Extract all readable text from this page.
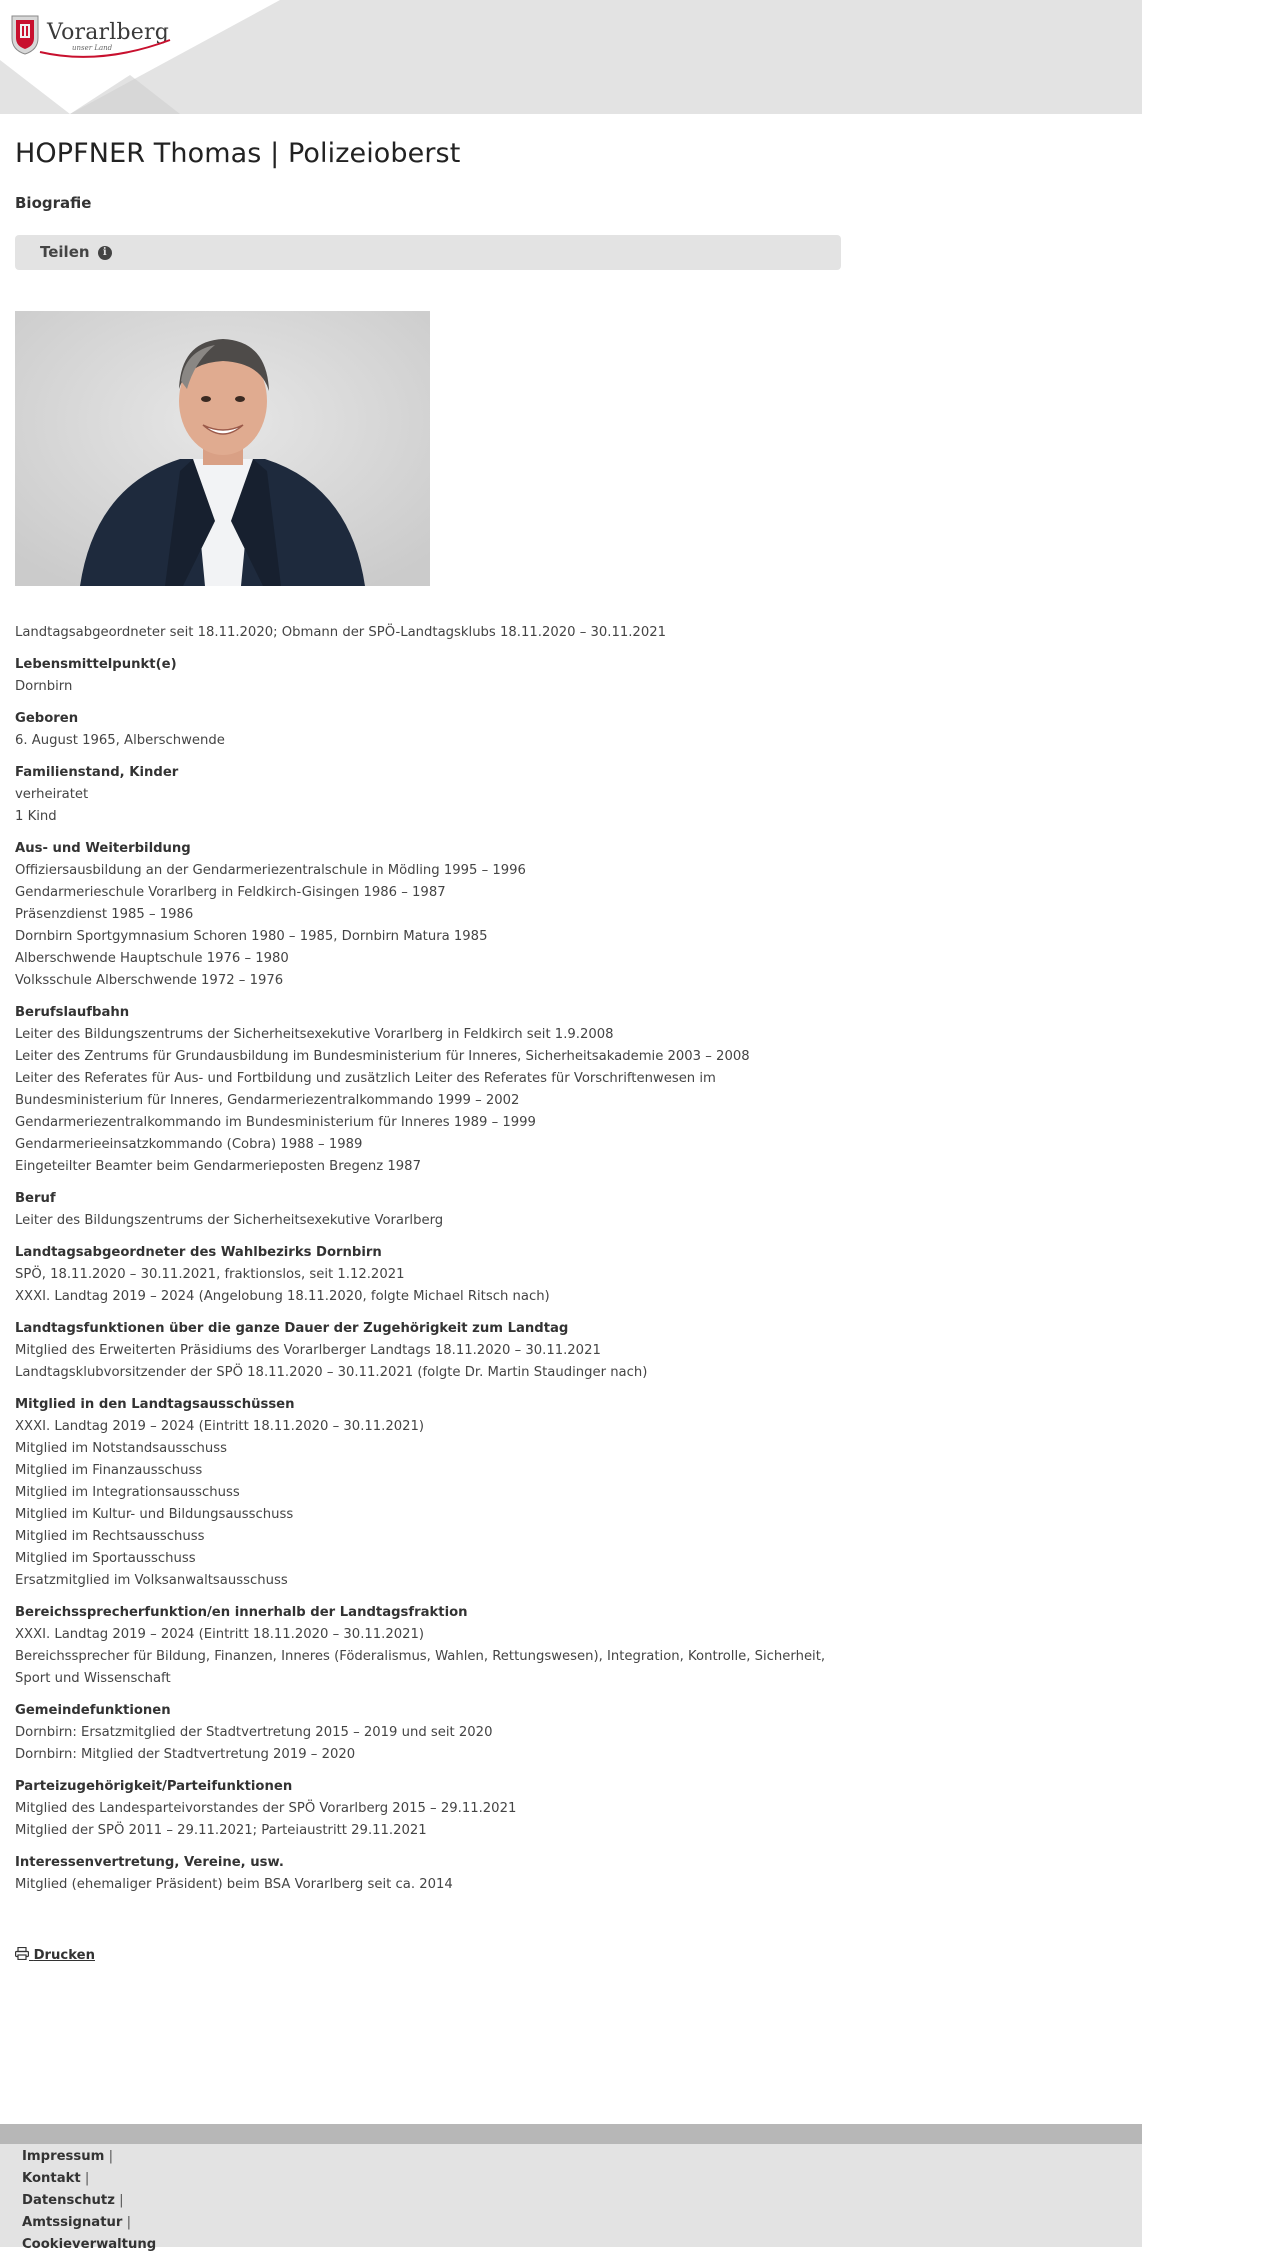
Vorarlberg
unser Land
HOPFNER Thomas | Polizeioberst
Biografie
Teilen i

Landtagsabgeordneter seit 18.11.2020; Obmann der SPÖ-Landtagsklubs 18.11.2020 – 30.11.2021

Lebensmittelpunkt(e)
Dornbirn
Geboren
6. August 1965, Alberschwende
Familienstand, Kinder
verheiratet
1 Kind
Aus- und Weiterbildung
Offiziersausbildung an der Gendarmeriezentralschule in Mödling 1995 – 1996
Gendarmerieschule Vorarlberg in Feldkirch-Gisingen 1986 – 1987
Präsenzdienst 1985 – 1986
Dornbirn Sportgymnasium Schoren 1980 – 1985, Dornbirn Matura 1985
Alberschwende Hauptschule 1976 – 1980
Volksschule Alberschwende 1972 – 1976
Berufslaufbahn
Leiter des Bildungszentrums der Sicherheitsexekutive Vorarlberg in Feldkirch seit 1.9.2008
Leiter des Zentrums für Grundausbildung im Bundesministerium für Inneres, Sicherheitsakademie 2003 – 2008
Leiter des Referates für Aus- und Fortbildung und zusätzlich Leiter des Referates für Vorschriftenwesen im Bundesministerium für Inneres, Gendarmeriezentralkommando 1999 – 2002
Gendarmeriezentralkommando im Bundesministerium für Inneres 1989 – 1999
Gendarmerieeinsatzkommando (Cobra) 1988 – 1989
Eingeteilter Beamter beim Gendarmerieposten Bregenz 1987
Beruf
Leiter des Bildungszentrums der Sicherheitsexekutive Vorarlberg
Landtagsabgeordneter des Wahlbezirks Dornbirn
SPÖ, 18.11.2020 – 30.11.2021, fraktionslos, seit 1.12.2021
XXXI. Landtag 2019 – 2024 (Angelobung 18.11.2020, folgte Michael Ritsch nach)
Landtagsfunktionen über die ganze Dauer der Zugehörigkeit zum Landtag
Mitglied des Erweiterten Präsidiums des Vorarlberger Landtags 18.11.2020 – 30.11.2021
Landtagsklubvorsitzender der SPÖ 18.11.2020 – 30.11.2021 (folgte Dr. Martin Staudinger nach)
Mitglied in den Landtagsausschüssen
XXXI. Landtag 2019 – 2024 (Eintritt 18.11.2020 – 30.11.2021)
Mitglied im Notstandsausschuss
Mitglied im Finanzausschuss
Mitglied im Integrationsausschuss
Mitglied im Kultur- und Bildungsausschuss
Mitglied im Rechtsausschuss
Mitglied im Sportausschuss
Ersatzmitglied im Volksanwaltsausschuss
Bereichssprecherfunktion/en innerhalb der Landtagsfraktion
XXXI. Landtag 2019 – 2024 (Eintritt 18.11.2020 – 30.11.2021)
Bereichssprecher für Bildung, Finanzen, Inneres (Föderalismus, Wahlen, Rettungswesen), Integration, Kontrolle, Sicherheit, Sport und Wissenschaft
Gemeindefunktionen
Dornbirn: Ersatzmitglied der Stadtvertretung 2015 – 2019 und seit 2020
Dornbirn: Mitglied der Stadtvertretung 2019 – 2020
Parteizugehörigkeit/Parteifunktionen
Mitglied des Landesparteivorstandes der SPÖ Vorarlberg 2015 – 29.11.2021
Mitglied der SPÖ 2011 – 29.11.2021; Parteiaustritt 29.11.2021
Interessenvertretung, Vereine, usw.
Mitglied (ehemaliger Präsident) beim BSA Vorarlberg seit ca. 2014
Drucken
Impressum |
Kontakt |
Datenschutz |
Amtssignatur |
Cookieverwaltung
